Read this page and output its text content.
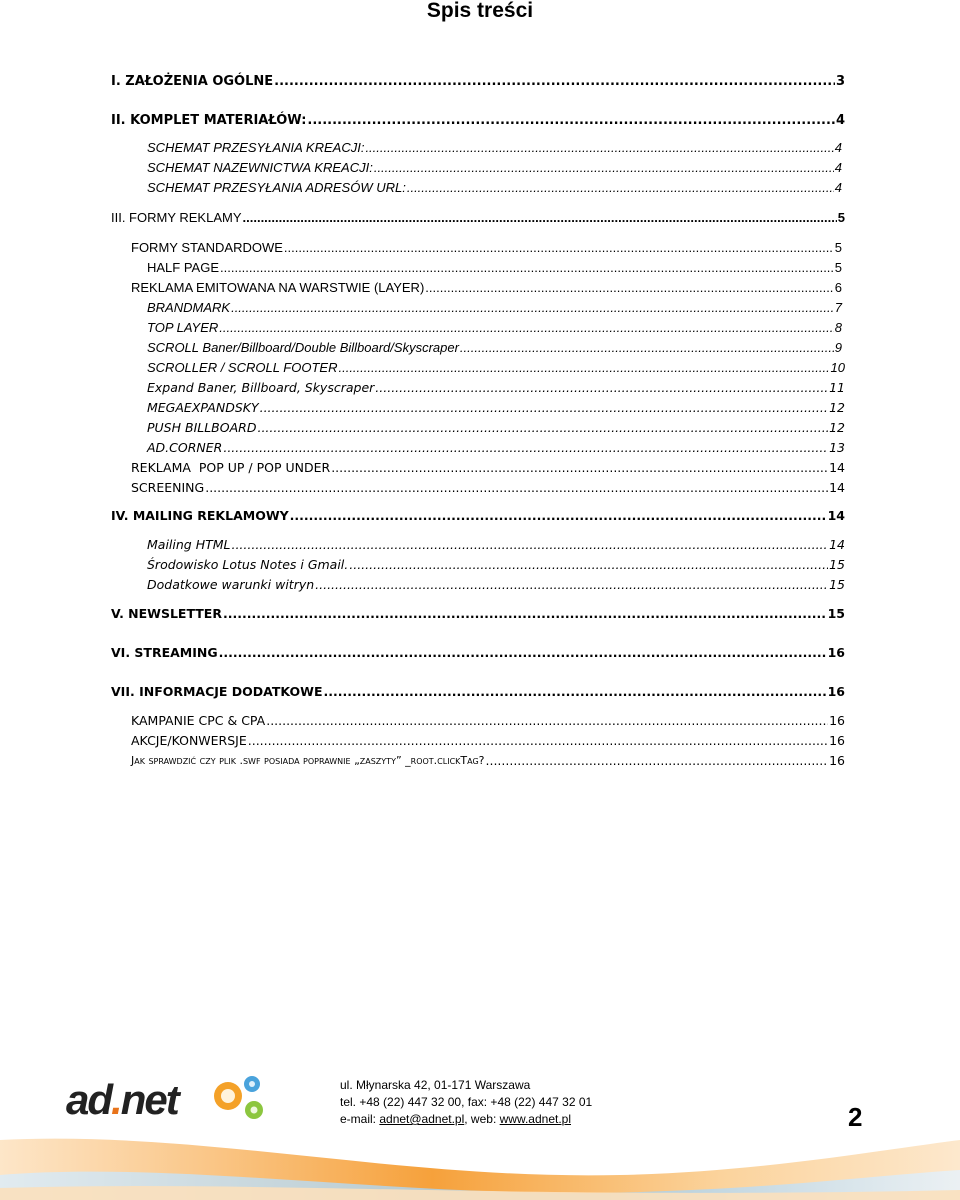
Spis treści
I. ZAŁOŻENIA OGÓLNE .....	3
II. KOMPLET MATERIAŁÓW: .....	4
SCHEMAT PRZESYŁANIA KREACJI: .....	4
SCHEMAT NAZEWNICTWA KREACJI: .....	4
SCHEMAT PRZESYŁANIA ADRESÓW URL: .....	4
III. FORMY REKLAMY .....	5
FORMY STANDARDOWE .....	5
HALF PAGE .....	5
REKLAMA EMITOWANA NA WARSTWIE (LAYER) .....	6
BRANDMARK .....	7
TOP LAYER .....	8
SCROLL Baner/Billboard/Double Billboard/Skyscraper .....	9
SCROLLER / SCROLL FOOTER .....	10
Expand Baner, Billboard, Skyscraper .....	11
MEGAEXPANDSKY .....	12
PUSH BILLBOARD .....	12
AD.CORNER .....	13
REKLAMA  POP UP / POP UNDER .....	14
SCREENING .....	14
IV. MAILING REKLAMOWY .....	14
Mailing HTML .....	14
Środowisko Lotus Notes i Gmail. .....	15
Dodatkowe warunki witryn .....	15
V. NEWSLETTER .....	15
VI. STREAMING .....	16
VII. INFORMACJE DODATKOWE .....	16
KAMPANIE CPC & CPA .....	16
AKCJE/KONWERSJE .....	16
Jak sprawdzić czy plik .swf posiada poprawnie „zaszyty” _root.clickTag? .....	16
ad.net	ul. Młynarska 42, 01-171 Warszawa
tel. +48 (22) 447 32 00, fax: +48 (22) 447 32 01
e-mail: adnet@adnet.pl, web: www.adnet.pl	2
